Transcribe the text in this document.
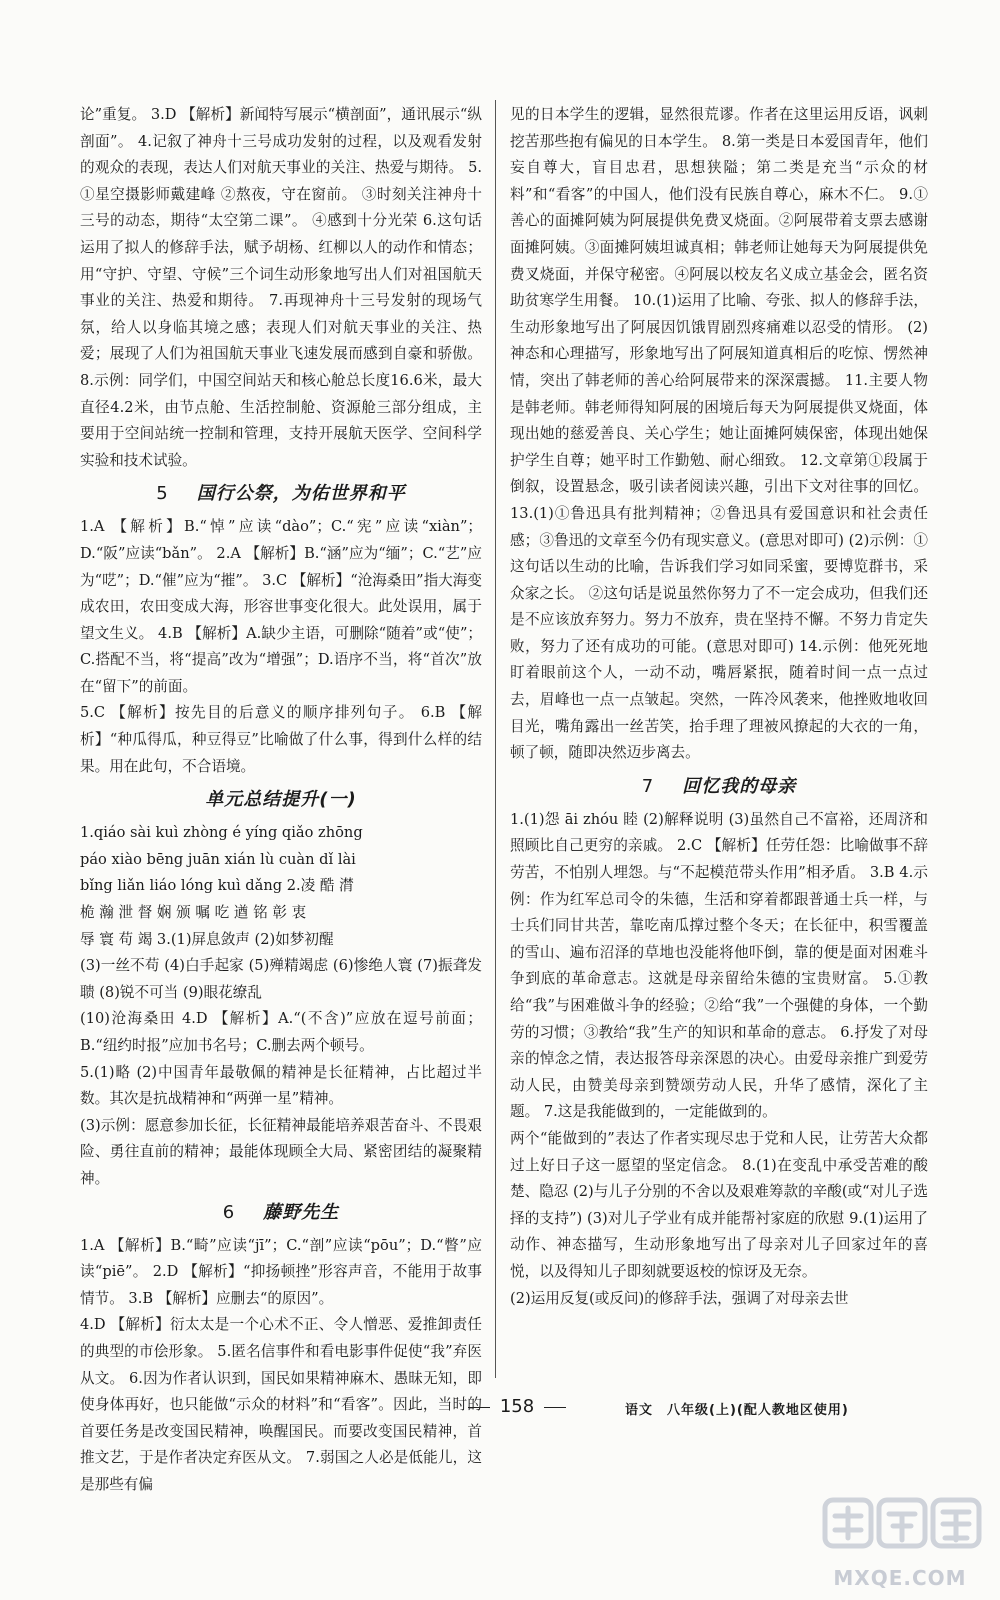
论”重复。 3.D 【解析】新闻特写展示“横剖面”，通讯展示“纵剖面”。 4.记叙了神舟十三号成功发射的过程，以及观看发射的观众的表现，表达人们对航天事业的关注、热爱与期待。 5.①星空摄影师戴建峰 ②熬夜，守在窗前。 ③时刻关注神舟十三号的动态，期待“太空第二课”。 ④感到十分光荣 6.这句话运用了拟人的修辞手法，赋予胡杨、红柳以人的动作和情态；用“守护、守望、守候”三个词生动形象地写出人们对祖国航天事业的关注、热爱和期待。 7.再现神舟十三号发射的现场气氛，给人以身临其境之感；表现人们对航天事业的关注、热爱；展现了人们为祖国航天事业飞速发展而感到自豪和骄傲。 8.示例：同学们，中国空间站天和核心舱总长度16.6米，最大直径4.2米，由节点舱、生活控制舱、资源舱三部分组成，主要用于空间站统一控制和管理，支持开展航天医学、空间科学实验和技术试验。

5 国行公祭，为佑世界和平

1.A 【解析】B.“悼”应读“dào”；C.“宪”应读“xiàn”；D.“阪”应读“bǎn”。 2.A 【解析】B.“涵”应为“缅”；C.“艺”应为“呓”；D.“催”应为“摧”。 3.C 【解析】“沧海桑田”指大海变成农田，农田变成大海，形容世事变化很大。此处误用，属于望文生义。 4.B 【解析】A.缺少主语，可删除“随着”或“使”；C.搭配不当，将“提高”改为“增强”；D.语序不当，将“首次”放在“留下”的前面。

5.C 【解析】按先目的后意义的顺序排列句子。 6.B 【解析】“种瓜得瓜，种豆得豆”比喻做了什么事，得到什么样的结果。用在此句，不合语境。

单元总结提升(一)

1.qiáo sài kuì zhòng é yíng qiǎo zhōng
páo xiào bēng juān xián lù cuàn dǐ lài
bǐng liǎn liáo lóng kuì dǎng 2.凌 酷 潸
桅 瀚 泄 督 娴 颁 嘱 吃 遒 铭 彰 衷
辱 寰 苟 竭 3.(1)屏息敛声 (2)如梦初醒
(3)一丝不苟 (4)白手起家 (5)殚精竭虑 (6)惨绝人寰 (7)振聋发聩 (8)锐不可当 (9)眼花缭乱
(10)沧海桑田 4.D 【解析】A.“(不含)”应放在逗号前面；B.“纽约时报”应加书名号；C.删去两个顿号。

5.(1)略 (2)中国青年最敬佩的精神是长征精神，占比超过半数。其次是抗战精神和“两弹一星”精神。

(3)示例：愿意参加长征，长征精神最能培养艰苦奋斗、不畏艰险、勇往直前的精神；最能体现顾全大局、紧密团结的凝聚精神。

6 藤野先生

1.A 【解析】B.“畸”应读“jī”；C.“剖”应读“pōu”；D.“瞥”应读“piē”。 2.D 【解析】“抑扬顿挫”形容声音，不能用于故事情节。 3.B 【解析】应删去“的原因”。

4.D 【解析】衍太太是一个心术不正、令人憎恶、爱推卸责任的典型的市侩形象。 5.匿名信事件和看电影事件促使“我”弃医从文。 6.因为作者认识到，国民如果精神麻木、愚昧无知，即使身体再好，也只能做“示众的材料”和“看客”。因此，当时的首要任务是改变国民精神，唤醒国民。而要改变国民精神，首推文艺，于是作者决定弃医从文。 7.弱国之人必是低能儿，这是那些有偏

见的日本学生的逻辑，显然很荒谬。作者在这里运用反语，讽刺挖苦那些抱有偏见的日本学生。 8.第一类是日本爱国青年，他们妄自尊大，盲目忠君，思想狭隘；第二类是充当“示众的材料”和“看客”的中国人，他们没有民族自尊心，麻木不仁。 9.①善心的面摊阿姨为阿展提供免费叉烧面。②阿展带着支票去感谢面摊阿姨。③面摊阿姨坦诚真相；韩老师让她每天为阿展提供免费叉烧面，并保守秘密。④阿展以校友名义成立基金会，匿名资助贫寒学生用餐。 10.(1)运用了比喻、夸张、拟人的修辞手法，生动形象地写出了阿展因饥饿胃剧烈疼痛难以忍受的情形。 (2)神态和心理描写，形象地写出了阿展知道真相后的吃惊、愣然神情，突出了韩老师的善心给阿展带来的深深震撼。 11.主要人物是韩老师。韩老师得知阿展的困境后每天为阿展提供叉烧面，体现出她的慈爱善良、关心学生；她让面摊阿姨保密，体现出她保护学生自尊；她平时工作勤勉、耐心细致。 12.文章第①段属于倒叙，设置悬念，吸引读者阅读兴趣，引出下文对往事的回忆。 13.(1)①鲁迅具有批判精神；②鲁迅具有爱国意识和社会责任感；③鲁迅的文章至今仍有现实意义。(意思对即可) (2)示例：①这句话以生动的比喻，告诉我们学习如同采蜜，要博览群书，采众家之长。 ②这句话是说虽然你努力了不一定会成功，但我们还是不应该放弃努力。努力不放弃，贵在坚持不懈。不努力肯定失败，努力了还有成功的可能。(意思对即可) 14.示例：他死死地盯着眼前这个人，一动不动，嘴唇紧抿，随着时间一点一点过去，眉峰也一点一点皱起。突然，一阵冷风袭来，他挫败地收回目光，嘴角露出一丝苦笑，抬手理了理被风撩起的大衣的一角，顿了顿，随即决然迈步离去。

7 回忆我的母亲

1.(1)怨 āi zhóu 睦 (2)解释说明 (3)虽然自己不富裕，还周济和照顾比自己更穷的亲戚。 2.C 【解析】任劳任怨：比喻做事不辞劳苦，不怕别人埋怨。与“不起模范带头作用”相矛盾。 3.B 4.示例：作为红军总司令的朱德，生活和穿着都跟普通士兵一样，与士兵们同甘共苦，靠吃南瓜撑过整个冬天；在长征中，积雪覆盖的雪山、遍布沼泽的草地也没能将他吓倒，靠的便是面对困难斗争到底的革命意志。这就是母亲留给朱德的宝贵财富。 5.①教给“我”与困难做斗争的经验；②给“我”一个强健的身体，一个勤劳的习惯；③教给“我”生产的知识和革命的意志。 6.抒发了对母亲的悼念之情，表达报答母亲深恩的决心。由爱母亲推广到爱劳动人民，由赞美母亲到赞颂劳动人民，升华了感情，深化了主题。 7.这是我能做到的，一定能做到的。

两个“能做到的”表达了作者实现尽忠于党和人民，让劳苦大众都过上好日子这一愿望的坚定信念。 8.(1)在变乱中承受苦难的酸楚、隐忍 (2)与儿子分别的不舍以及艰难筹款的辛酸(或“对儿子选择的支持”) (3)对儿子学业有成并能帮衬家庭的欣慰 9.(1)运用了动作、神态描写，生动形象地写出了母亲对儿子回家过年的喜悦，以及得知儿子即刻就要返校的惊讶及无奈。

(2)运用反复(或反问)的修辞手法，强调了对母亲去世

158	语文　八年级(上)(配人教地区使用)
MXQE.COM
